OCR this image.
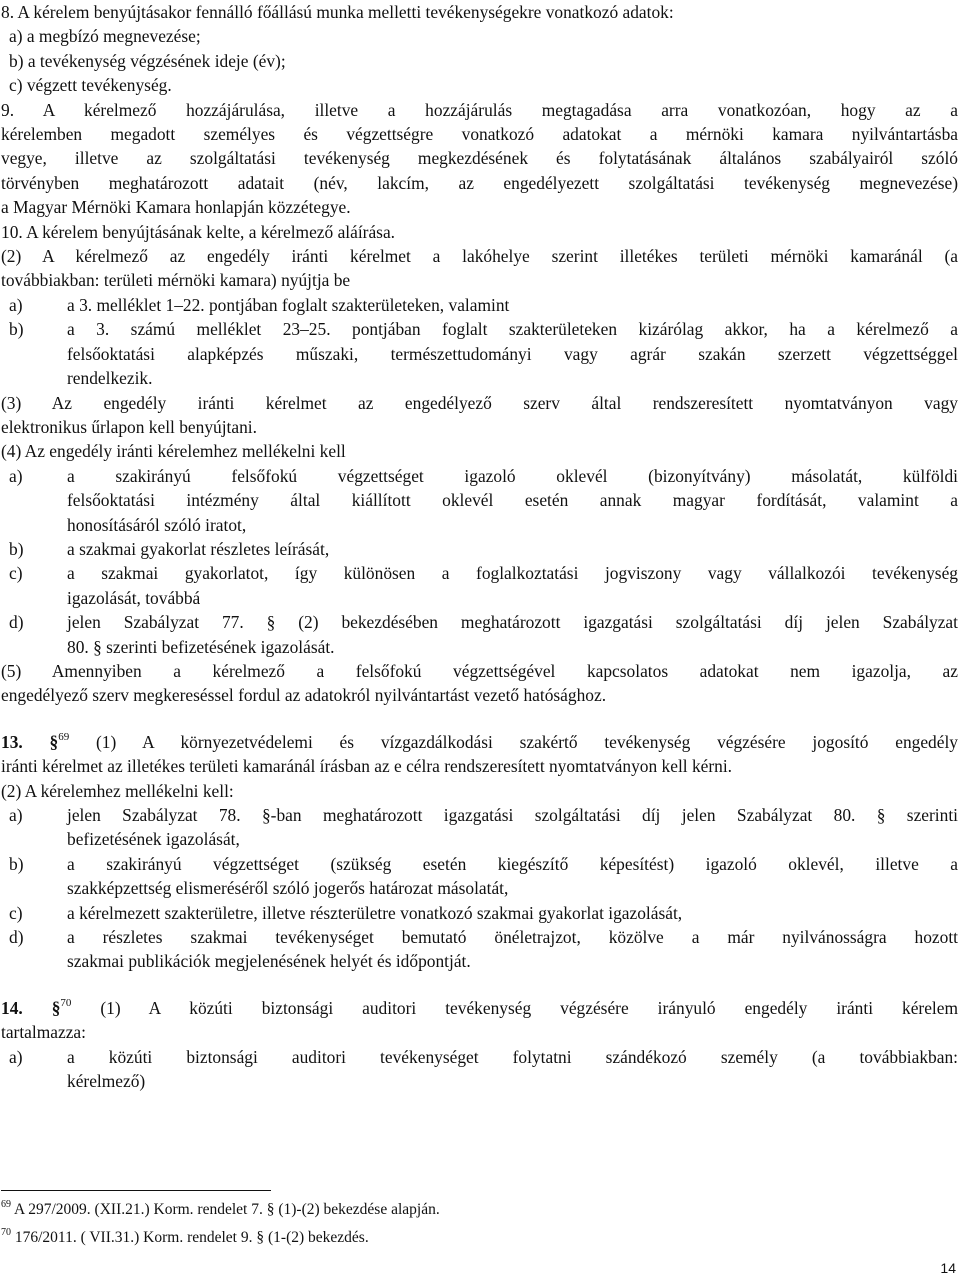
8. A kérelem benyújtásakor fennálló főállású munka melletti tevékenységekre vonatkozó adatok:
a) a megbízó megnevezése;
b) a tevékenység végzésének ideje (év);
c) végzett tevékenység.

9. A kérelmező hozzájárulása, illetve a hozzájárulás megtagadása arra vonatkozóan, hogy az a
kérelemben megadott személyes és végzettségre vonatkozó adatokat a mérnöki kamara nyilvántartásba
vegye, illetve az szolgáltatási tevékenység megkezdésének és folytatásának általános szabályairól szóló
törvényben meghatározott adatait (név, lakcím, az engedélyezett szolgáltatási tevékenység megnevezése)
a Magyar Mérnöki Kamara honlapján közzétegye.

10. A kérelem benyújtásának kelte, a kérelmező aláírása.

(2) A kérelmező az engedély iránti kérelmet a lakóhelye szerint illetékes területi mérnöki kamaránál (a
továbbiakban: területi mérnöki kamara) nyújtja be

a)	a 3. melléklet 1–22. pontjában foglalt szakterületeken, valamint
b)	a 3. számú melléklet 23–25. pontjában foglalt szakterületeken kizárólag akkor, ha a kérelmező a
felsőoktatási alapképzés műszaki, természettudományi vagy agrár szakán szerzett végzettséggel
rendelkezik.

(3) Az engedély iránti kérelmet az engedélyező szerv által rendszeresített nyomtatványon vagy
elektronikus űrlapon kell benyújtani.

(4) Az engedély iránti kérelemhez mellékelni kell

a)	a szakirányú felsőfokú végzettséget igazoló oklevél (bizonyítvány) másolatát, külföldi
felsőoktatási intézmény által kiállított oklevél esetén annak magyar fordítását, valamint a
honosításáról szóló iratot,
b)	a szakmai gyakorlat részletes leírását,
c)	a szakmai gyakorlatot, így különösen a foglalkoztatási jogviszony vagy vállalkozói tevékenység
igazolását, továbbá
d)	jelen Szabályzat 77. § (2) bekezdésében meghatározott igazgatási szolgáltatási díj jelen Szabályzat
80. § szerinti befizetésének igazolását.

(5) Amennyiben a kérelmező a felsőfokú végzettségével kapcsolatos adatokat nem igazolja, az
engedélyező szerv megkereséssel fordul az adatokról nyilvántartást vezető hatósághoz.

13. §$^{69}$ (1) A környezetvédelemi és vízgazdálkodási szakértő tevékenység végzésére jogosító engedély
iránti kérelmet az illetékes területi kamaránál írásban az e célra rendszeresített nyomtatványon kell kérni.
(2) A kérelemhez mellékelni kell:

a)	jelen Szabályzat 78. §-ban meghatározott igazgatási szolgáltatási díj jelen Szabályzat 80. § szerinti
befizetésének igazolását,
b)	a szakirányú végzettséget (szükség esetén kiegészítő képesítést) igazoló oklevél, illetve a
szakképzettség elismeréséről szóló jogerős határozat másolatát,
c)	a kérelmezett szakterületre, illetve részterületre vonatkozó szakmai gyakorlat igazolását,
d)	a részletes szakmai tevékenységet bemutató önéletrajzot, közölve a már nyilvánosságra hozott
szakmai publikációk megjelenésének helyét és időpontját.

14. §$^{70}$ (1) A közúti biztonsági auditori tevékenység végzésére irányuló engedély iránti kérelem
tartalmazza:

a)	a közúti biztonsági auditori tevékenységet folytatni szándékozó személy (a továbbiakban:
kérelmező)
$^{69}$ A 297/2009. (XII.21.) Korm. rendelet 7. § (1)-(2) bekezdése alapján.
$^{70}$ 176/2011. ( VII.31.) Korm. rendelet 9. § (1-(2) bekezdés.
14
